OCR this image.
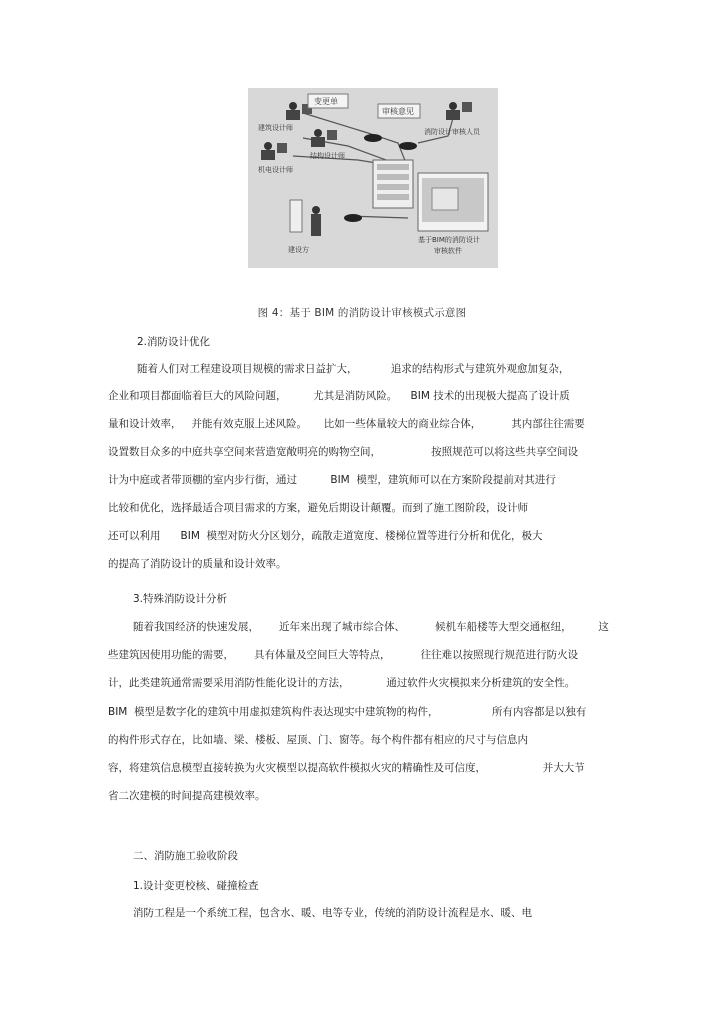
变更单
审核意见
建筑设计师
结构设计师
机电设计师
消防设计审核人员
建设方
基于BIM的消防设计
审核软件
图 4：基于 BIM 的消防设计审核模式示意图
2.消防设计优化
随着人们对工程建设项目规模的需求日益扩大，          追求的结构形式与建筑外观愈加复杂，
企业和项目都面临着巨大的风险问题，        尤其是消防风险。    BIM 技术的出现极大提高了设计质
量和设计效率，   并能有效克服上述风险。     比如一些体量较大的商业综合体，         其内部往往需要
设置数目众多的中庭共享空间来营造宽敞明亮的购物空间，               按照规范可以将这些共享空间设
计为中庭或者带顶棚的室内步行街，通过          BIM  模型，建筑师可以在方案阶段提前对其进行
比较和优化，选择最适合项目需求的方案，避免后期设计颠覆。而到了施工图阶段，设计师
还可以利用      BIM  模型对防火分区划分，疏散走道宽度、楼梯位置等进行分析和优化，极大
的提高了消防设计的质量和设计效率。
3.特殊消防设计分析
随着我国经济的快速发展，      近年来出现了城市综合体、         候机车船楼等大型交通枢纽，        这
些建筑因使用功能的需要，      具有体量及空间巨大等特点，         往往难以按照现行规范进行防火设
计，此类建筑通常需要采用消防性能化设计的方法，           通过软件火灾模拟来分析建筑的安全性。
BIM  模型是数字化的建筑中用虚拟建筑构件表达现实中建筑物的构件，                所有内容都是以独有
的构件形式存在，比如墙、梁、楼板、屋顶、门、窗等。每个构件都有相应的尺寸与信息内
容，将建筑信息模型直接转换为火灾模型以提高软件模拟火灾的精确性及可信度，                 并大大节
省二次建模的时间提高建模效率。
二、消防施工验收阶段
1.设计变更校核、碰撞检查
消防工程是一个系统工程，包含水、暖、电等专业，传统的消防设计流程是水、暖、电
